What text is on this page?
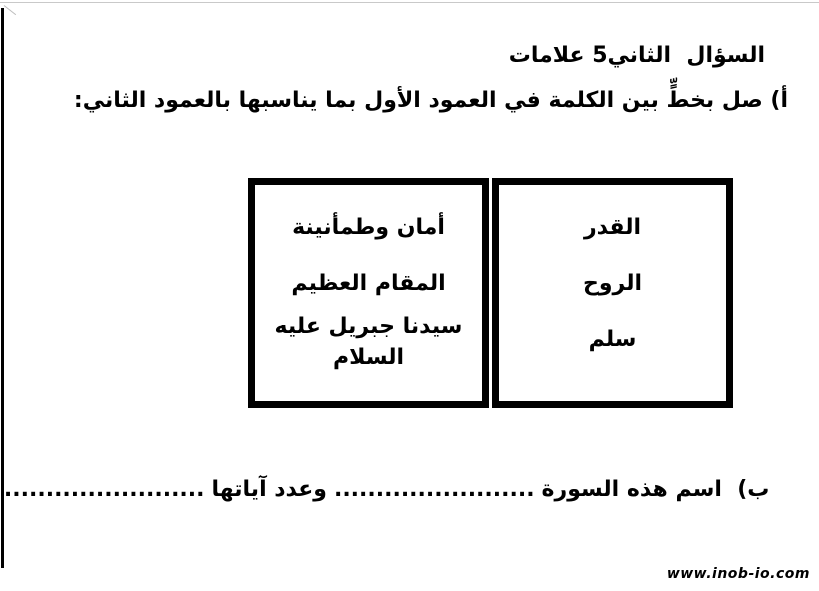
السؤال  الثاني5 علامات
أ) صل بخطٍّ بين الكلمة في العمود الأول بما يناسبها بالعمود الثاني:
القدر
الروح
سلم
أمان وطمأنينة
المقام العظيم
سيدنا جبريل عليه السلام

ب)  اسم هذه السورة........................وعدد آياتها........................

www.inob-io.com
